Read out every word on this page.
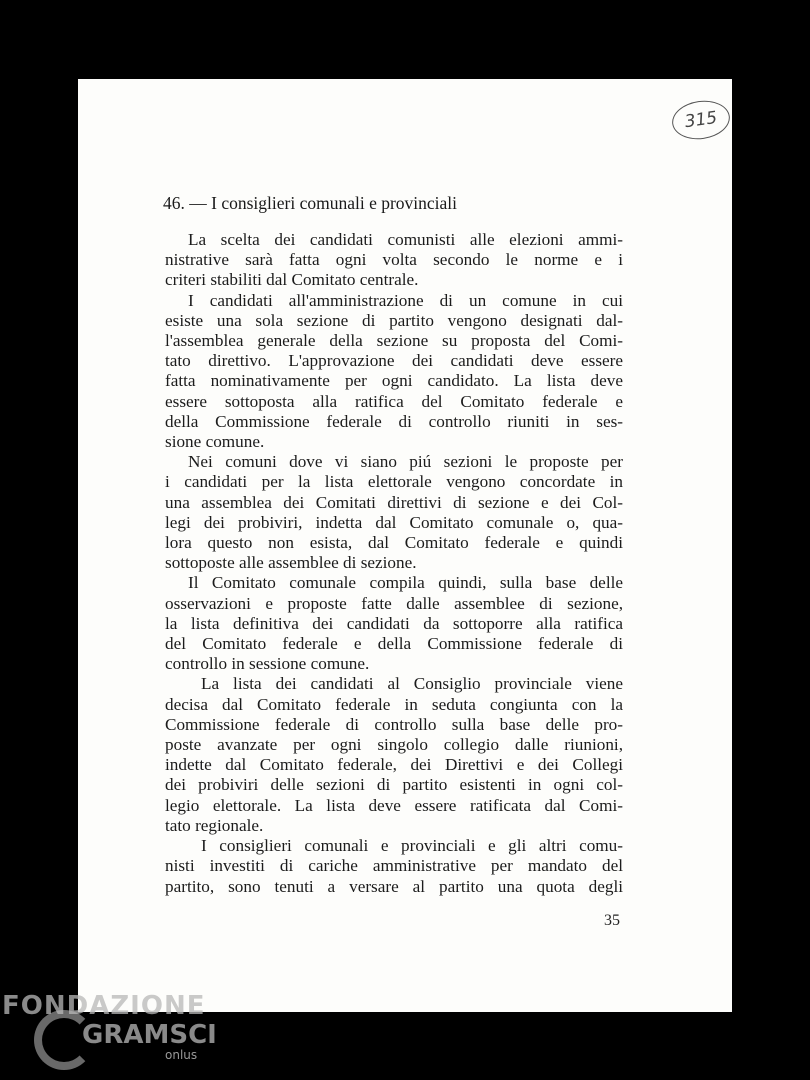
315
46. — I consiglieri comunali e provinciali
La scelta dei candidati comunisti alle elezioni ammi-
nistrative sarà fatta ogni volta secondo le norme e i
criteri stabiliti dal Comitato centrale.
I candidati all'amministrazione di un comune in cui
esiste una sola sezione di partito vengono designati dal-
l'assemblea generale della sezione su proposta del Comi-
tato direttivo. L'approvazione dei candidati deve essere
fatta nominativamente per ogni candidato. La lista deve
essere sottoposta alla ratifica del Comitato federale e
della Commissione federale di controllo riuniti in ses-
sione comune.
Nei comuni dove vi siano piú sezioni le proposte per
i candidati per la lista elettorale vengono concordate in
una assemblea dei Comitati direttivi di sezione e dei Col-
legi dei probiviri, indetta dal Comitato comunale o, qua-
lora questo non esista, dal Comitato federale e quindi
sottoposte alle assemblee di sezione.
Il Comitato comunale compila quindi, sulla base delle
osservazioni e proposte fatte dalle assemblee di sezione,
la lista definitiva dei candidati da sottoporre alla ratifica
del Comitato federale e della Commissione federale di
controllo in sessione comune.
La lista dei candidati al Consiglio provinciale viene
decisa dal Comitato federale in seduta congiunta con la
Commissione federale di controllo sulla base delle pro-
poste avanzate per ogni singolo collegio dalle riunioni,
indette dal Comitato federale, dei Direttivi e dei Collegi
dei probiviri delle sezioni di partito esistenti in ogni col-
legio elettorale. La lista deve essere ratificata dal Comi-
tato regionale.
I consiglieri comunali e provinciali e gli altri comu-
nisti investiti di cariche amministrative per mandato del
partito, sono tenuti a versare al partito una quota degli
35
FONDAZIONE
GRAMSCI
onlus
